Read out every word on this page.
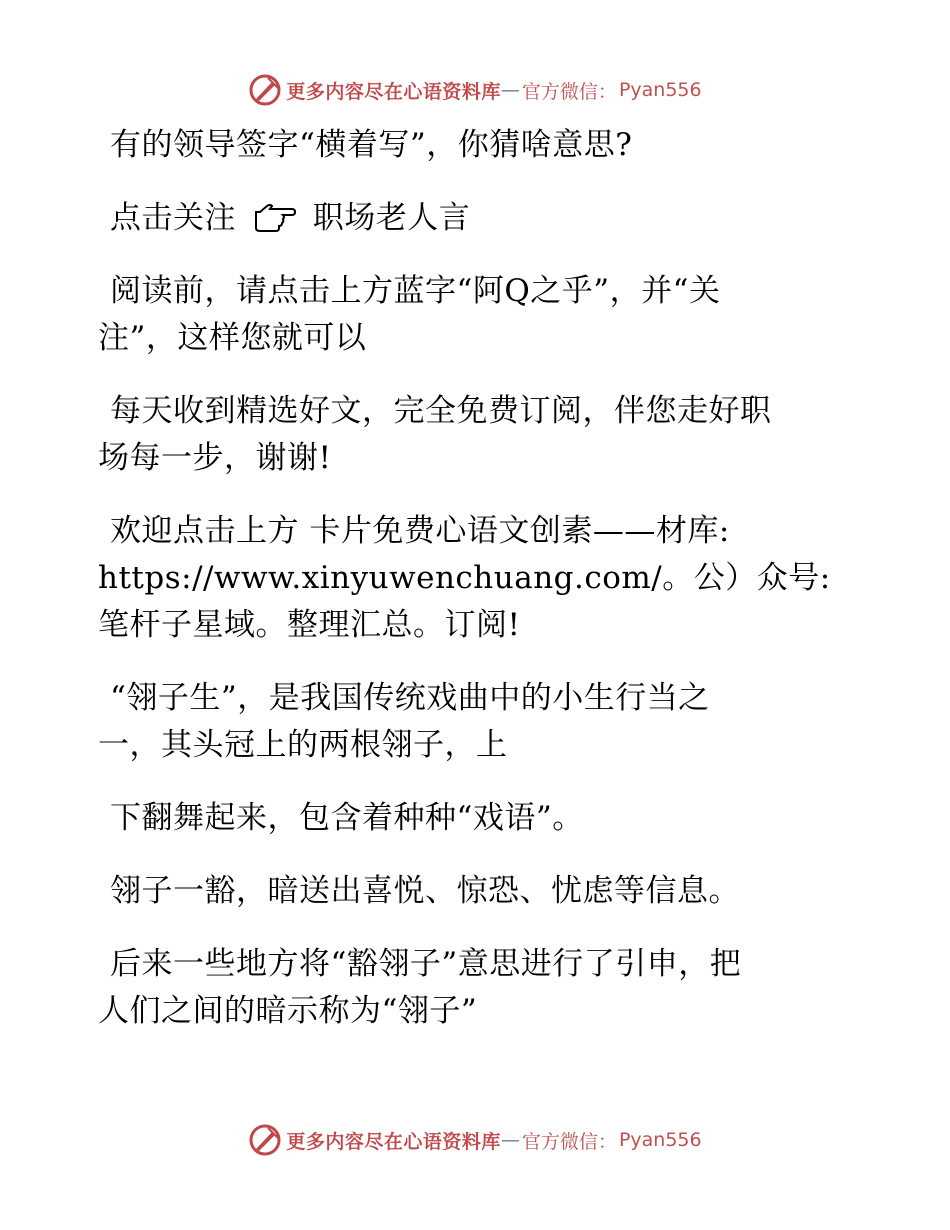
更多内容尽在心语资料库 — 官方微信： Pyan556

有的领导签字“横着写”，你猜啥意思?

点击关注 职场老人言

阅读前，请点击上方蓝字“阿Q之乎”，并“关
注”，这样您就可以

每天收到精选好文，完全免费订阅，伴您走好职
场每一步，谢谢!

欢迎点击上方 卡片免费心语文创素——材库:
https://www.xinyuwenchuang.com/。公）众号:
笔杆子星域。整理汇总。订阅!

“翎子生”，是我国传统戏曲中的小生行当之
一，其头冠上的两根翎子，上

下翻舞起来，包含着种种“戏语”。

翎子一豁，暗送出喜悦、惊恐、忧虑等信息。

后来一些地方将“豁翎子”意思进行了引申，把
人们之间的暗示称为“翎子”

更多内容尽在心语资料库 — 官方微信： Pyan556
